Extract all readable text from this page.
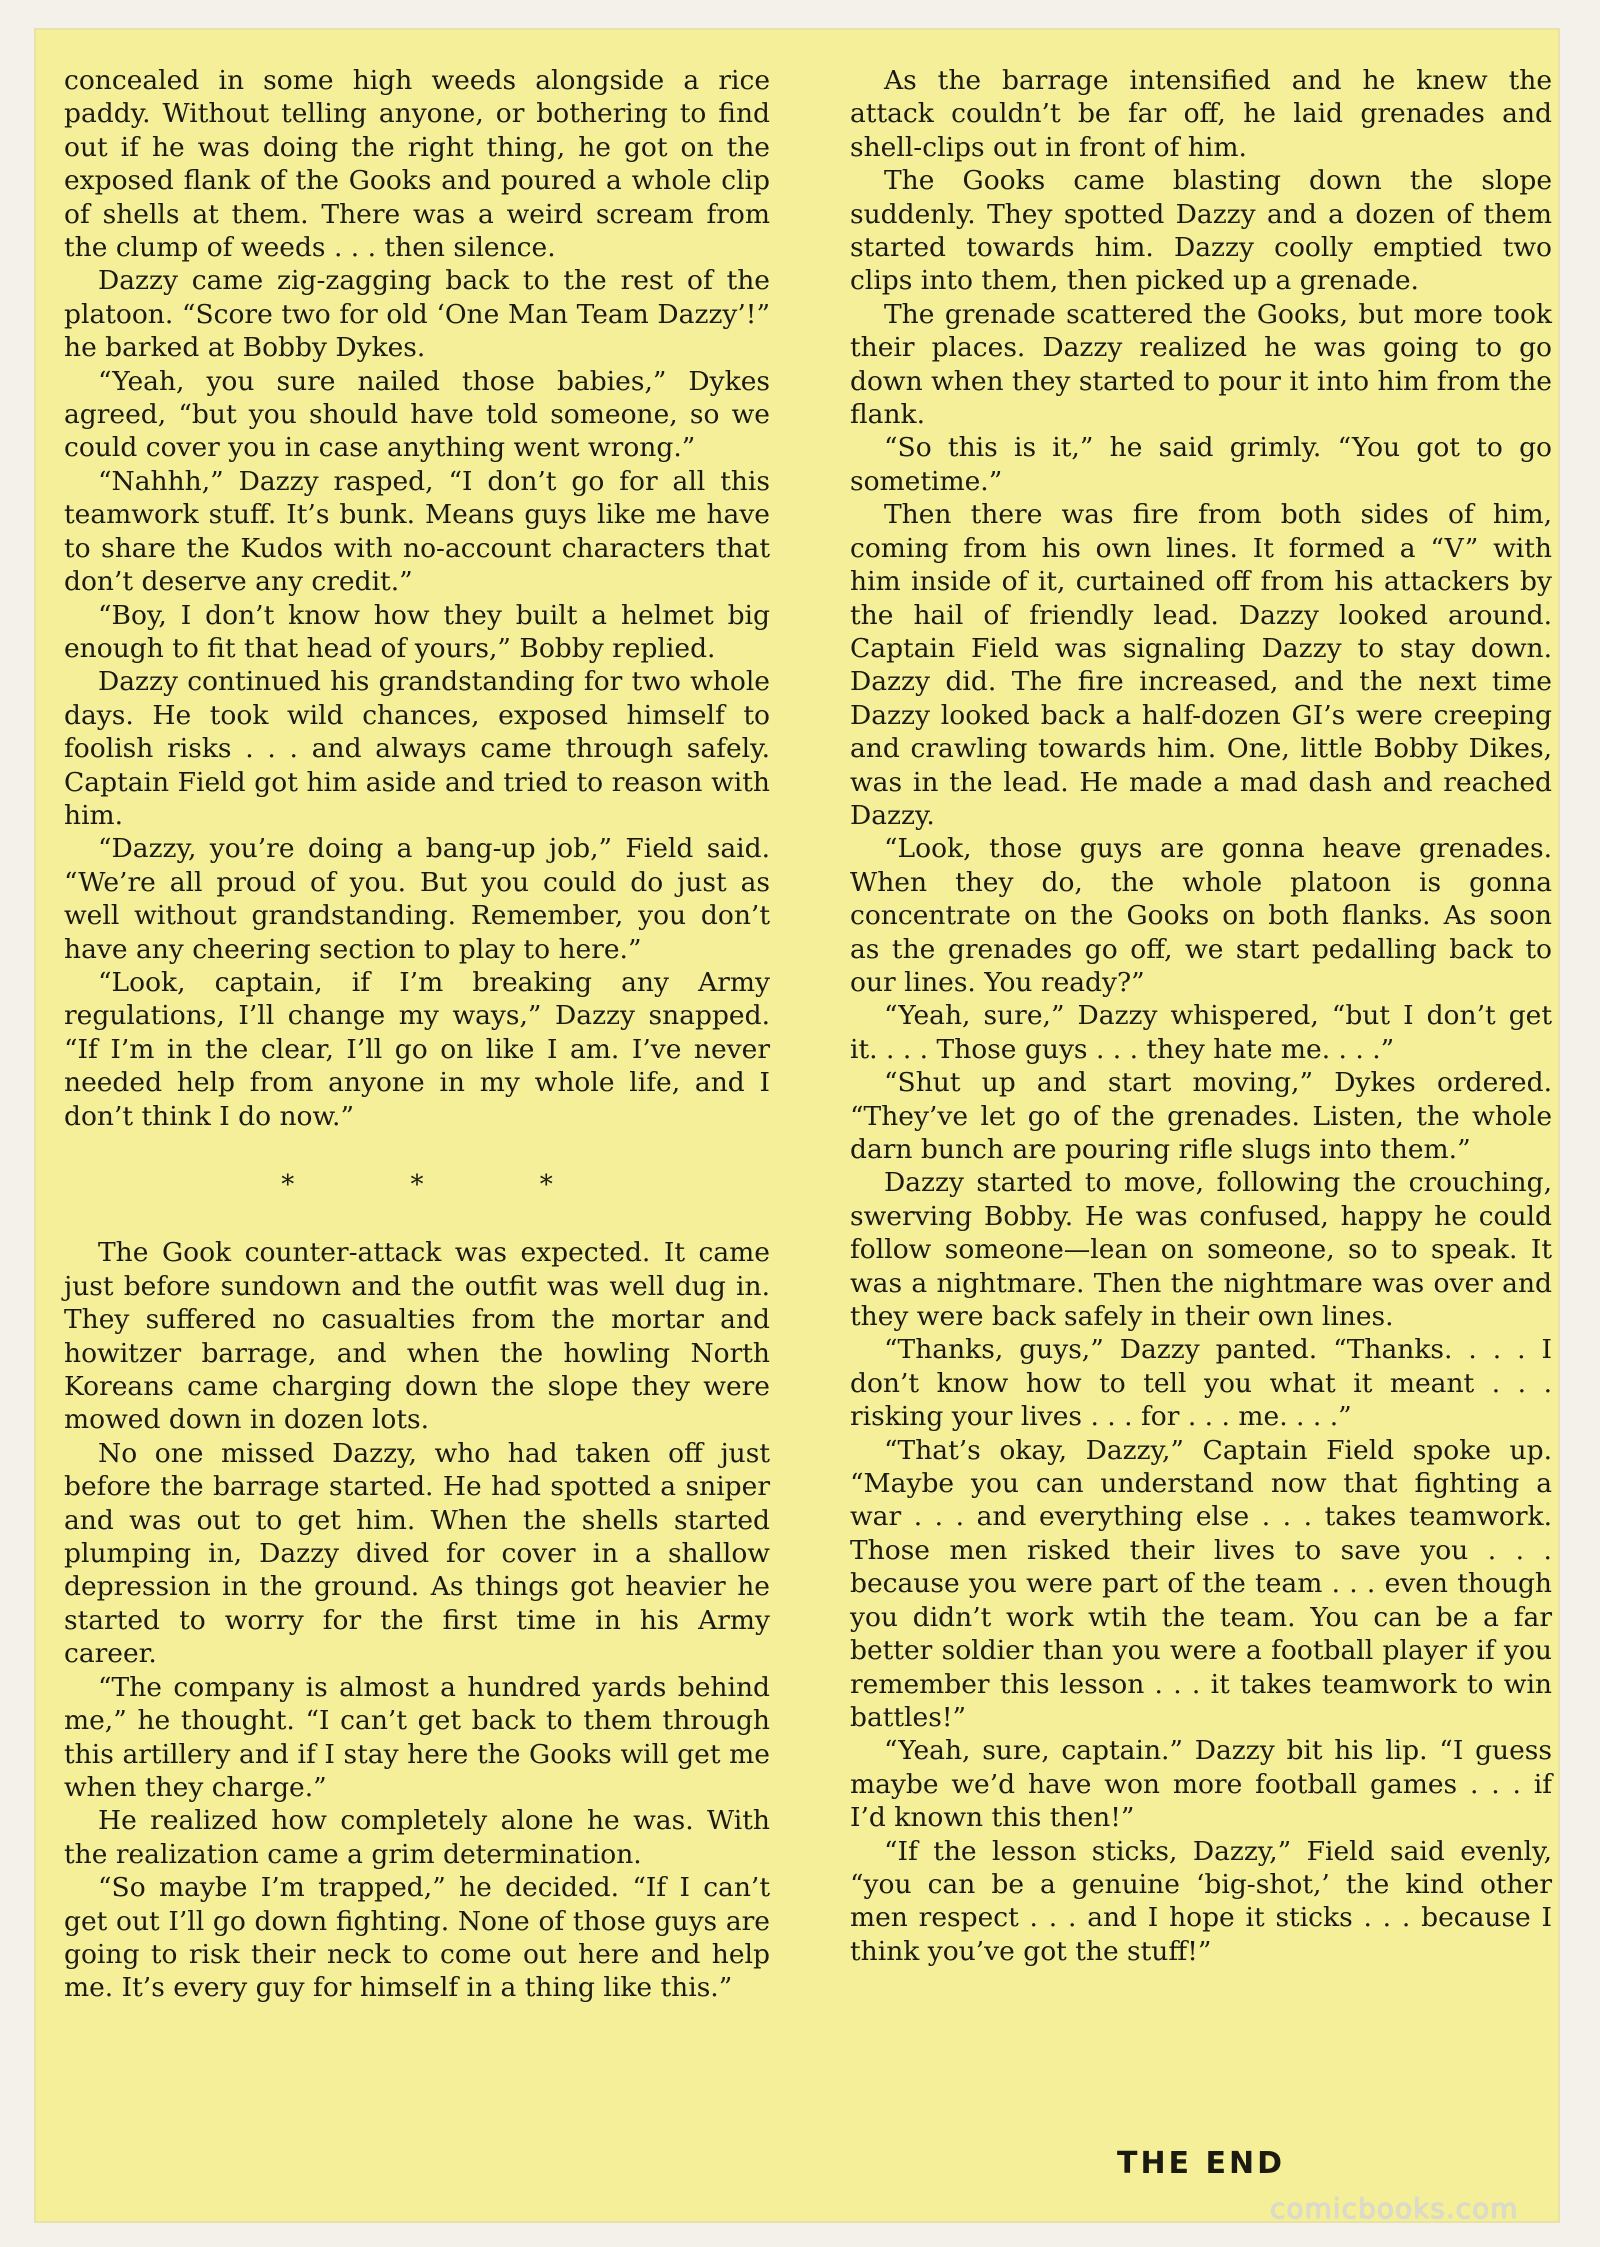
concealed in some high weeds alongside a rice paddy. Without telling anyone, or bothering to find out if he was doing the right thing, he got on the exposed flank of the Gooks and poured a whole clip of shells at them. There was a weird scream from the clump of weeds . . . then silence.

Dazzy came zig-zagging back to the rest of the platoon. “Score two for old ‘One Man Team Dazzy’!” he barked at Bobby Dykes.

“Yeah, you sure nailed those babies,” Dykes agreed, “but you should have told someone, so we could cover you in case anything went wrong.”

“Nahhh,” Dazzy rasped, “I don’t go for all this teamwork stuff. It’s bunk. Means guys like me have to share the Kudos with no-account characters that don’t deserve any credit.”

“Boy, I don’t know how they built a helmet big enough to fit that head of yours,” Bobby replied.

Dazzy continued his grandstanding for two whole days. He took wild chances, exposed himself to foolish risks . . . and always came through safely. Captain Field got him aside and tried to reason with him.

“Dazzy, you’re doing a bang-up job,” Field said. “We’re all proud of you. But you could do just as well without grandstanding. Remember, you don’t have any cheering section to play to here.”

“Look, captain, if I’m breaking any Army regulations, I’ll change my ways,” Dazzy snapped. “If I’m in the clear, I’ll go on like I am. I’ve never needed help from anyone in my whole life, and I don’t think I do now.”

* * *

The Gook counter-attack was expected. It came just before sundown and the outfit was well dug in. They suffered no casualties from the mortar and howitzer barrage, and when the howling North Koreans came charging down the slope they were mowed down in dozen lots.

No one missed Dazzy, who had taken off just before the barrage started. He had spotted a sniper and was out to get him. When the shells started plumping in, Dazzy dived for cover in a shallow depression in the ground. As things got heavier he started to worry for the first time in his Army career.

“The company is almost a hundred yards behind me,” he thought. “I can’t get back to them through this artillery and if I stay here the Gooks will get me when they charge.”

He realized how completely alone he was. With the realization came a grim determination.

“So maybe I’m trapped,” he decided. “If I can’t get out I’ll go down fighting. None of those guys are going to risk their neck to come out here and help me. It’s every guy for himself in a thing like this.”

As the barrage intensified and he knew the attack couldn’t be far off, he laid grenades and shell-clips out in front of him.

The Gooks came blasting down the slope suddenly. They spotted Dazzy and a dozen of them started towards him. Dazzy coolly emptied two clips into them, then picked up a grenade.

The grenade scattered the Gooks, but more took their places. Dazzy realized he was going to go down when they started to pour it into him from the flank.

“So this is it,” he said grimly. “You got to go sometime.”

Then there was fire from both sides of him, coming from his own lines. It formed a “V” with him inside of it, curtained off from his attackers by the hail of friendly lead. Dazzy looked around. Captain Field was signaling Dazzy to stay down. Dazzy did. The fire increased, and the next time Dazzy looked back a half-dozen GI’s were creeping and crawling towards him. One, little Bobby Dikes, was in the lead. He made a mad dash and reached Dazzy.

“Look, those guys are gonna heave grenades. When they do, the whole platoon is gonna concentrate on the Gooks on both flanks. As soon as the grenades go off, we start pedalling back to our lines. You ready?”

“Yeah, sure,” Dazzy whispered, “but I don’t get it. . . . Those guys . . . they hate me. . . .”

“Shut up and start moving,” Dykes ordered. “They’ve let go of the grenades. Listen, the whole darn bunch are pouring rifle slugs into them.”

Dazzy started to move, following the crouching, swerving Bobby. He was confused, happy he could follow someone—lean on someone, so to speak. It was a nightmare. Then the nightmare was over and they were back safely in their own lines.

“Thanks, guys,” Dazzy panted. “Thanks. . . . I don’t know how to tell you what it meant . . . risking your lives . . . for . . . me. . . .”

“That’s okay, Dazzy,” Captain Field spoke up. “Maybe you can understand now that fighting a war . . . and everything else . . . takes teamwork. Those men risked their lives to save you . . . because you were part of the team . . . even though you didn’t work wtih the team. You can be a far better soldier than you were a football player if you remember this lesson . . . it takes teamwork to win battles!”

“Yeah, sure, captain.” Dazzy bit his lip. “I guess maybe we’d have won more football games . . . if I’d known this then!”

“If the lesson sticks, Dazzy,” Field said evenly, “you can be a genuine ‘big-shot,’ the kind other men respect . . . and I hope it sticks . . . because I think you’ve got the stuff!”

THE END
comicbooks.com
